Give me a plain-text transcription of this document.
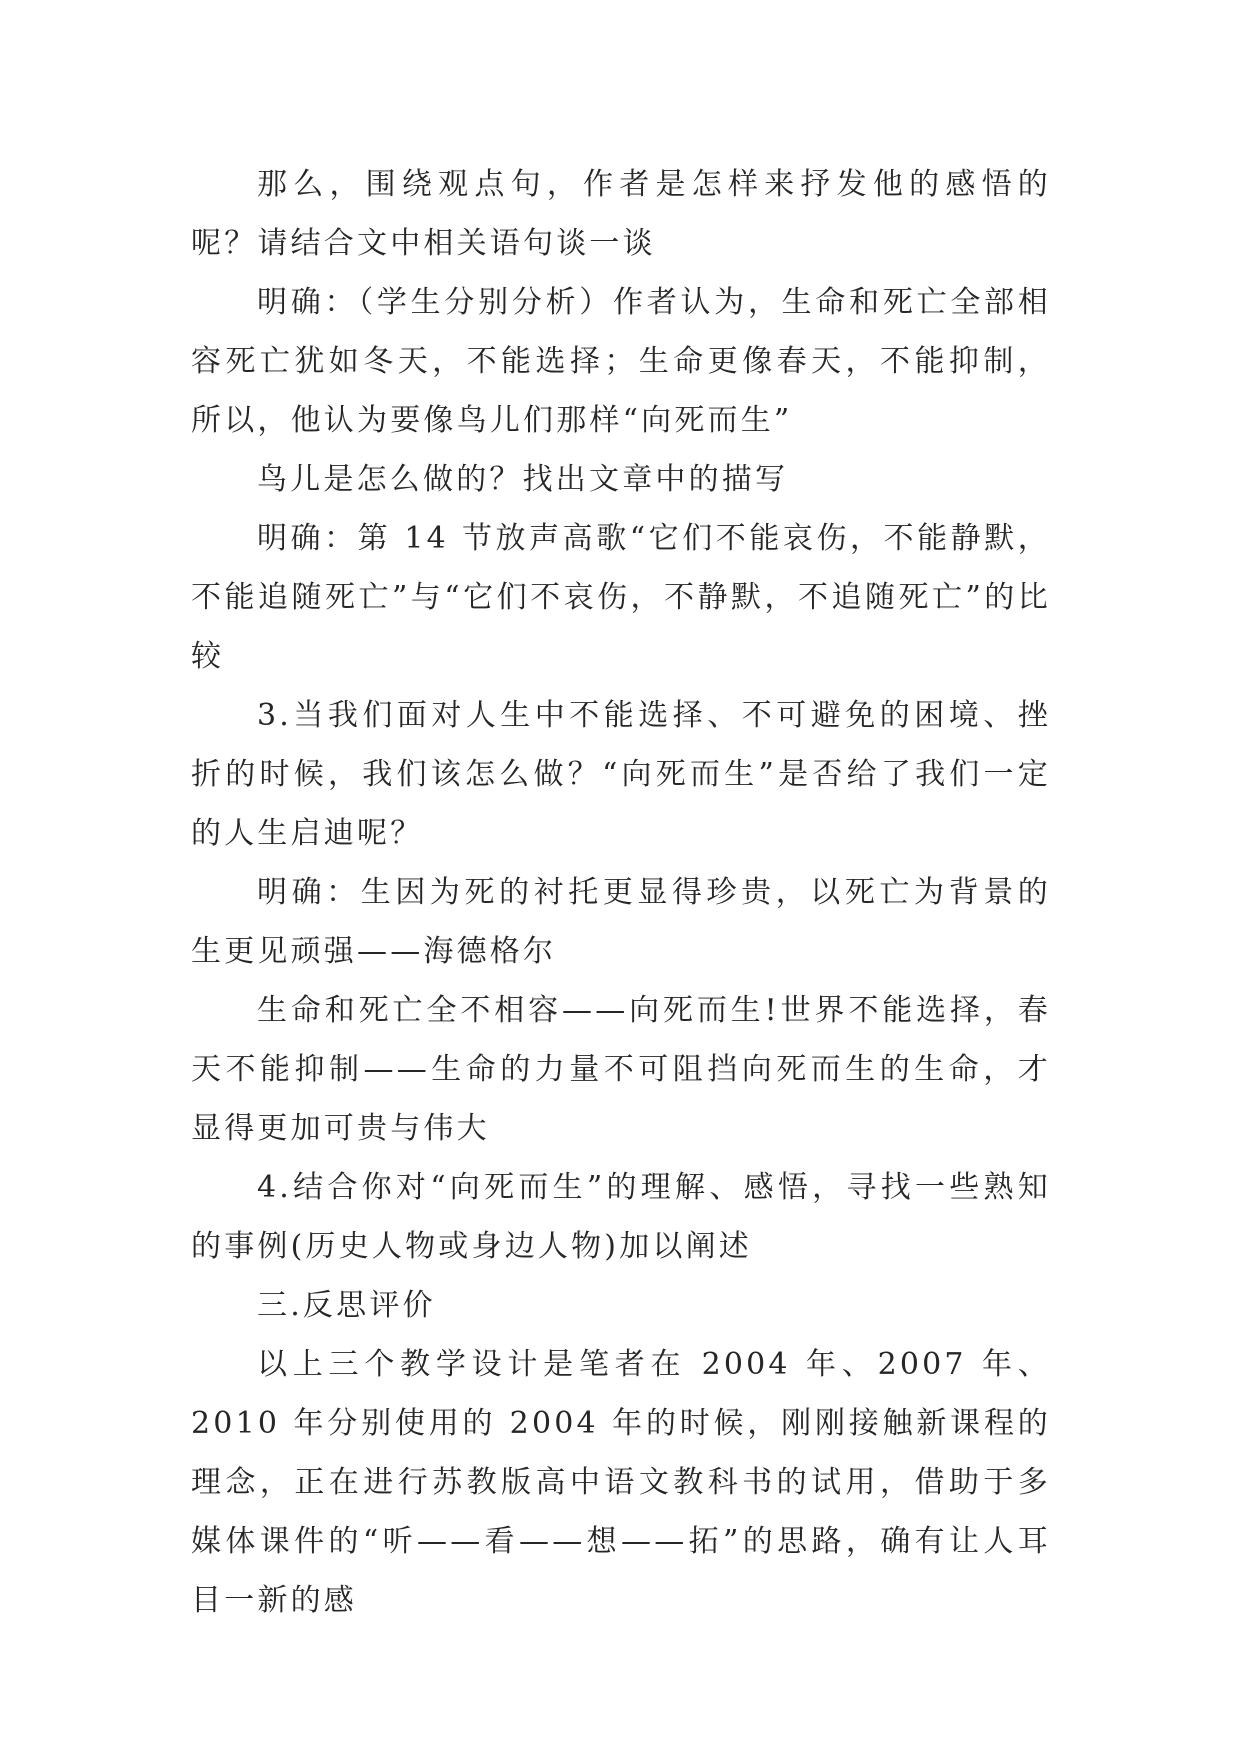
那么，围绕观点句，作者是怎样来抒发他的感悟的呢？请结合文中相关语句谈一谈

明确：（学生分别分析）作者认为，生命和死亡全部相容死亡犹如冬天，不能选择；生命更像春天，不能抑制，所以，他认为要像鸟儿们那样“向死而生”

鸟儿是怎么做的？找出文章中的描写

明确：第 14 节放声高歌“它们不能哀伤，不能静默，不能追随死亡”与“它们不哀伤，不静默，不追随死亡”的比较

3.当我们面对人生中不能选择、不可避免的困境、挫折的时候，我们该怎么做？“向死而生”是否给了我们一定的人生启迪呢？

明确：生因为死的衬托更显得珍贵，以死亡为背景的生更见顽强——海德格尔

生命和死亡全不相容——向死而生!世界不能选择，春天不能抑制——生命的力量不可阻挡向死而生的生命，才显得更加可贵与伟大

4.结合你对“向死而生”的理解、感悟，寻找一些熟知的事例(历史人物或身边人物)加以阐述

三.反思评价

以上三个教学设计是笔者在 2004 年、2007 年、2010 年分别使用的 2004 年的时候，刚刚接触新课程的理念，正在进行苏教版高中语文教科书的试用，借助于多媒体课件的“听——看——想——拓”的思路，确有让人耳目一新的感
